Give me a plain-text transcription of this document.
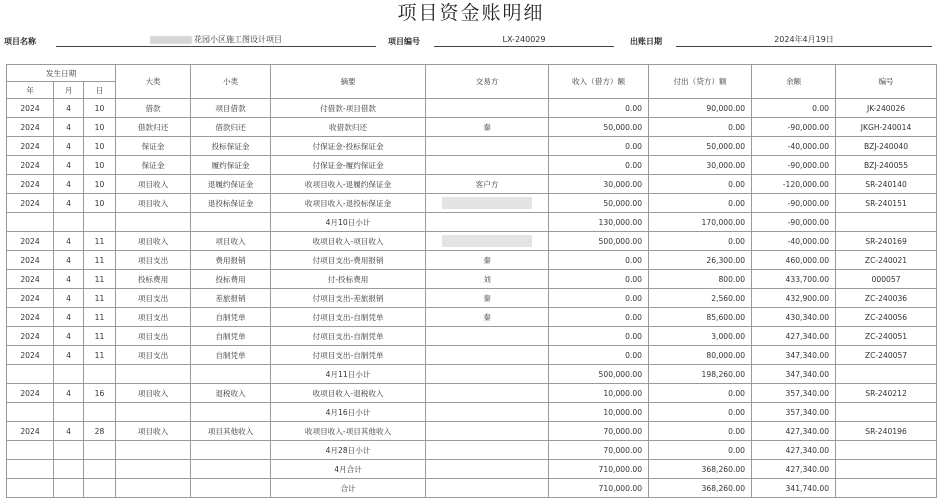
项目资金账明细
项目名称	花园小区施工图设计项目	项目编号	LX-240029	出账日期	2024年4月19日
发生日期			大类	小类	摘要	交易方	收入（借方）额	付出（贷方）额	余额	编号
年	月	日								
2024	4	10	借款	项目借款	付借款-项目借款		0.00	90,000.00	0.00	JK-240026
2024	4	10	借款归还	借款归还	收借款归还	秦	50,000.00	0.00	-90,000.00	JKGH-240014
2024	4	10	保证金	投标保证金	付保证金-投标保证金		0.00	50,000.00	-40,000.00	BZJ-240040
2024	4	10	保证金	履约保证金	付保证金-履约保证金		0.00	30,000.00	-90,000.00	BZJ-240055
2024	4	10	项目收入	退履约保证金	收项目收入-退履约保证金	客户方	30,000.00	0.00	-120,000.00	SR-240140
2024	4	10	项目收入	退投标保证金	收项目收入-退投标保证金		50,000.00	0.00	-90,000.00	SR-240151
					4月10日小计		130,000.00	170,000.00	-90,000.00	
2024	4	11	项目收入	项目收入	收项目收入-项目收入		500,000.00	0.00	-40,000.00	SR-240169
2024	4	11	项目支出	费用报销	付项目支出-费用报销	秦	0.00	26,300.00	460,000.00	ZC-240021
2024	4	11	投标费用	投标费用	付-投标费用	刘	0.00	800.00	433,700.00	000057
2024	4	11	项目支出	差旅报销	付项目支出-差旅报销	秦	0.00	2,560.00	432,900.00	ZC-240036
2024	4	11	项目支出	自制凭单	付项目支出-自制凭单	秦	0.00	85,600.00	430,340.00	ZC-240056
2024	4	11	项目支出	自制凭单	付项目支出-自制凭单		0.00	3,000.00	427,340.00	ZC-240051
2024	4	11	项目支出	自制凭单	付项目支出-自制凭单		0.00	80,000.00	347,340.00	ZC-240057
					4月11日小计		500,000.00	198,260.00	347,340.00	
2024	4	16	项目收入	退税收入	收项目收入-退税收入		10,000.00	0.00	357,340.00	SR-240212
					4月16日小计		10,000.00	0.00	357,340.00	
2024	4	28	项目收入	项目其他收入	收项目收入-项目其他收入		70,000.00	0.00	427,340.00	SR-240196
					4月28日小计		70,000.00	0.00	427,340.00	
					4月合计		710,000.00	368,260.00	427,340.00	
					合计		710,000.00	368,260.00	341,740.00	
